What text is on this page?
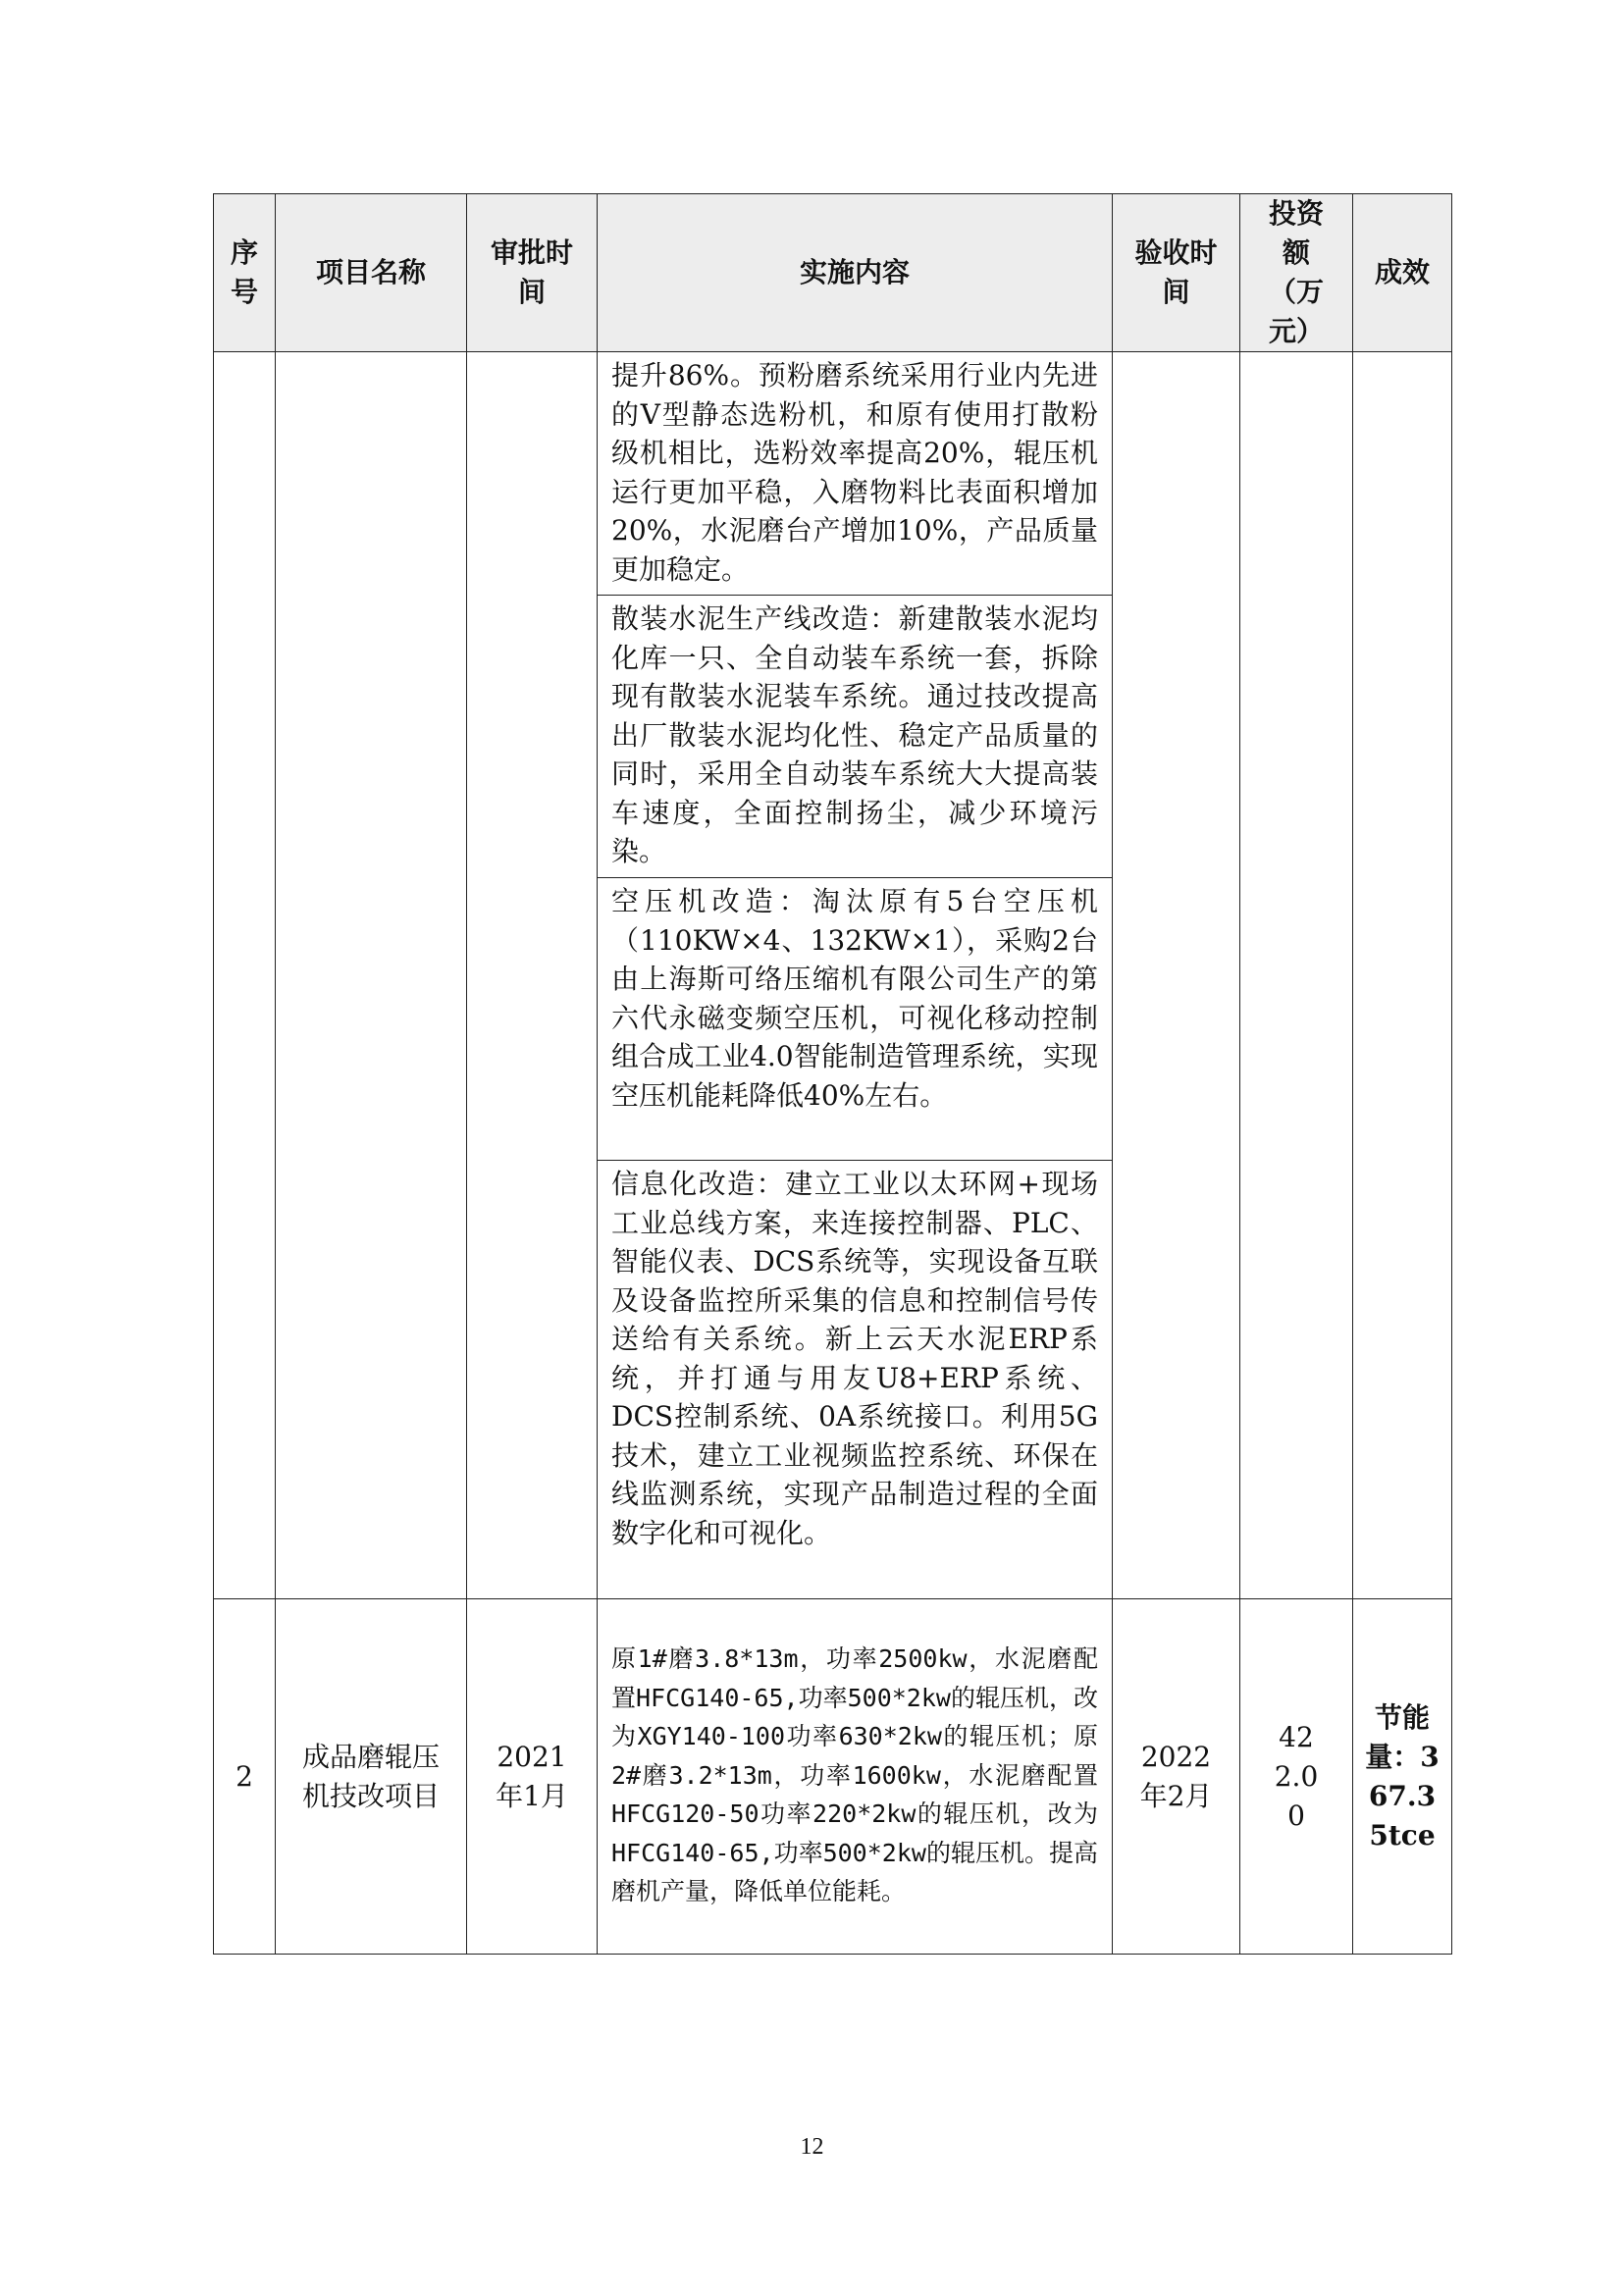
序号	项目名称	审批时间	实施内容	验收时间	投资额（万元）	成效

			提升86%。预粉磨系统采用行业内先进的V型静态选粉机，和原有使用打散粉级机相比，选粉效率提高20%，辊压机运行更加平稳，入磨物料比表面积增加20%，水泥磨台产增加10%，产品质量更加稳定。
散装水泥生产线改造：新建散装水泥均化库一只、全自动装车系统一套，拆除现有散装水泥装车系统。通过技改提高出厂散装水泥均化性、稳定产品质量的同时，采用全自动装车系统大大提高装车速度，全面控制扬尘，减少环境污染。
空压机改造：淘汰原有5台空压机（110KW×4、132KW×1），采购2台由上海斯可络压缩机有限公司生产的第六代永磁变频空压机，可视化移动控制组合成工业4.0智能制造管理系统，实现空压机能耗降低40%左右。
信息化改造：建立工业以太环网+现场工业总线方案，来连接控制器、PLC、智能仪表、DCS系统等，实现设备互联及设备监控所采集的信息和控制信号传送给有关系统。新上云天水泥ERP系统，并打通与用友U8+ERP系统、DCS控制系统、0A系统接口。利用5G技术，建立工业视频监控系统、环保在线监测系统，实现产品制造过程的全面数字化和可视化。			

2	成品磨辊压机技改项目	2021年1月	原1#磨3.8*13m，功率2500kw，水泥磨配置HFCG140-65,功率500*2kw的辊压机，改为XGY140-100功率630*2kw的辊压机；原2#磨3.2*13m，功率1600kw，水泥磨配置HFCG120-50功率220*2kw的辊压机，改为HFCG140-65,功率500*2kw的辊压机。提高磨机产量，降低单位能耗。	2022年2月	422.00	节能量：367.35tce
12
